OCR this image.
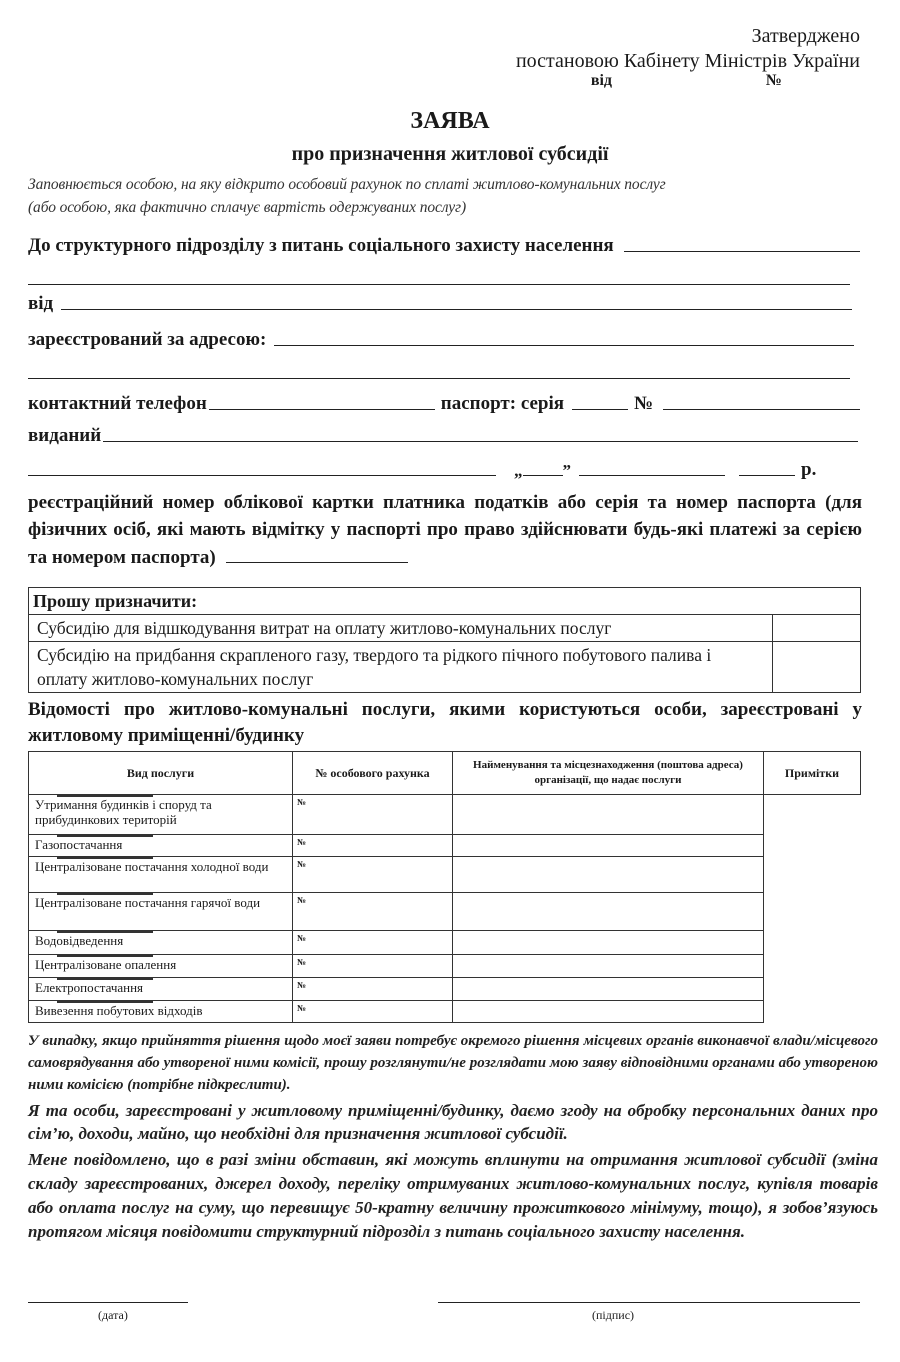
Затверджено
постановою Кабінету Міністрів України
від	№
ЗАЯВА
про призначення житлової субсидії
Заповнюється особою, на яку відкрито особовий рахунок по сплаті житлово-комунальних послуг
(або особою, яка фактично сплачує вартість одержуваних послуг)
До структурного підрозділу з питань соціального захисту населення
від
зареєстрований за адресою:
контактний телефон	паспорт: серія	№
виданий
„ ”	р.
реєстраційний номер облікової картки платника податків або серія та номер паспорта (для фізичних осіб, які мають відмітку у паспорті про право здійснювати будь-які платежі за серією та номером паспорта)
Прошу призначити:	
Субсидію для відшкодування витрат на оплату житлово-комунальних послуг	
Субсидію на придбання скрапленого газу, твердого та рідкого пічного побутового палива і оплату житлово-комунальних послуг	
Відомості про житлово-комунальні послуги, якими користуються особи, зареєстровані у житловому приміщенні/будинку
Вид послуги	№ особового рахунка	Найменування та місцезнаходження (поштова адреса) організації, що надає послуги	Примітки
Утримання будинків і споруд та прибудинкових територій	№		

Газопостачання	№		

Централізоване постачання холодної води	№		

Централізоване постачання гарячої води	№		

Водовідведення	№		

Централізоване опалення	№		

Електропостачання	№		

Вивезення побутових відходів	№		
У випадку, якщо прийняття рішення щодо моєї заяви потребує окремого рішення місцевих органів виконавчої влади/місцевого самоврядування або утвореної ними комісії, прошу розглянути/не розглядати мою заяву відповідними органами або утвореною ними комісією (потрібне підкреслити).
Я та особи, зареєстровані у житловому приміщенні/будинку, даємо згоду на обробку персональних даних про сім’ю, доходи, майно, що необхідні для призначення житлової субсидії.
Мене повідомлено, що в разі зміни обставин, які можуть вплинути на отримання житлової субсидії (зміна складу зареєстрованих, джерел доходу, переліку отримуваних житлово-комунальних послуг, купівля товарів або оплата послуг на суму, що перевищує 50-кратну величину прожиткового мінімуму, тощо), я зобов’язуюсь протягом місяця повідомити структурний підрозділ з питань соціального захисту населення.
(дата)	(підпис)
